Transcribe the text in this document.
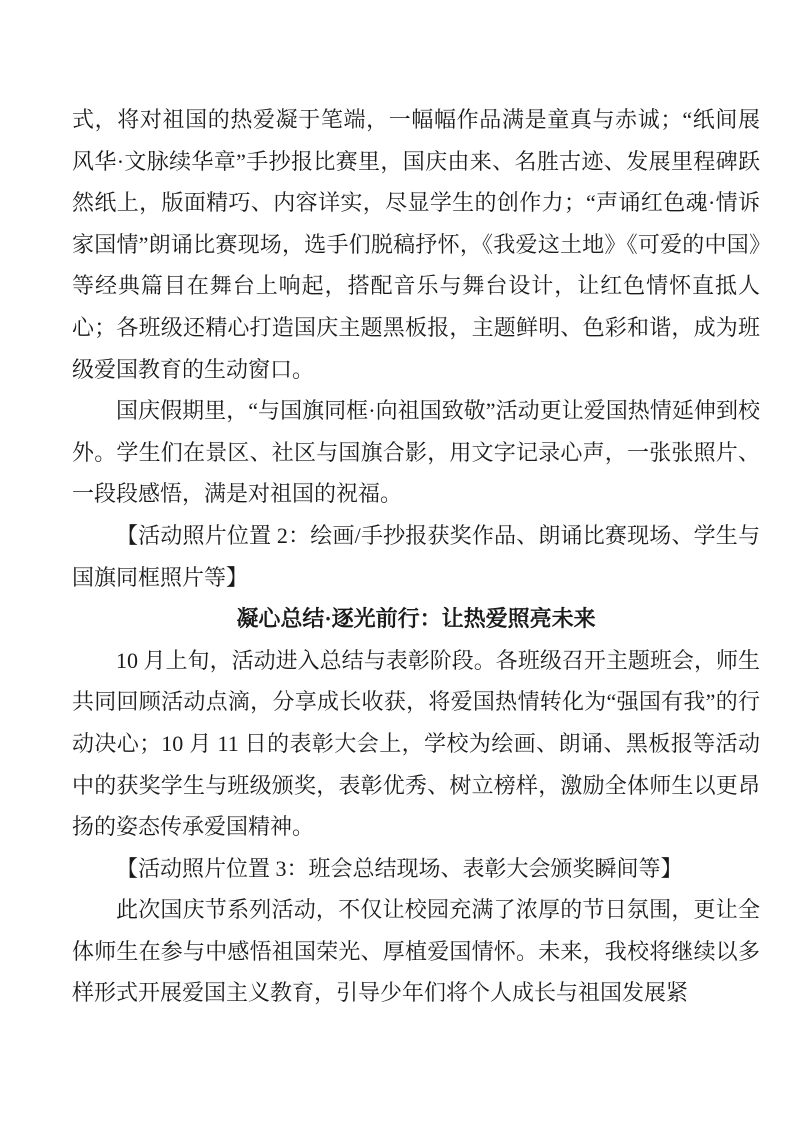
式，将对祖国的热爱凝于笔端，一幅幅作品满是童真与赤诚；“纸间展风华·文脉续华章”手抄报比赛里，国庆由来、名胜古迹、发展里程碑跃然纸上，版面精巧、内容详实，尽显学生的创作力；“声诵红色魂·情诉家国情”朗诵比赛现场，选手们脱稿抒怀，《我爱这土地》《可爱的中国》等经典篇目在舞台上响起，搭配音乐与舞台设计，让红色情怀直抵人心；各班级还精心打造国庆主题黑板报，主题鲜明、色彩和谐，成为班级爱国教育的生动窗口。

国庆假期里，“与国旗同框·向祖国致敬”活动更让爱国热情延伸到校外。学生们在景区、社区与国旗合影，用文字记录心声，一张张照片、一段段感悟，满是对祖国的祝福。

【活动照片位置 2：绘画/手抄报获奖作品、朗诵比赛现场、学生与国旗同框照片等】

凝心总结·逐光前行：让热爱照亮未来

10 月上旬，活动进入总结与表彰阶段。各班级召开主题班会，师生共同回顾活动点滴，分享成长收获，将爱国热情转化为“强国有我”的行动决心；10 月 11 日的表彰大会上，学校为绘画、朗诵、黑板报等活动中的获奖学生与班级颁奖，表彰优秀、树立榜样，激励全体师生以更昂扬的姿态传承爱国精神。

【活动照片位置 3：班会总结现场、表彰大会颁奖瞬间等】

此次国庆节系列活动，不仅让校园充满了浓厚的节日氛围，更让全体师生在参与中感悟祖国荣光、厚植爱国情怀。未来，我校将继续以多样形式开展爱国主义教育，引导少年们将个人成长与祖国发展紧
